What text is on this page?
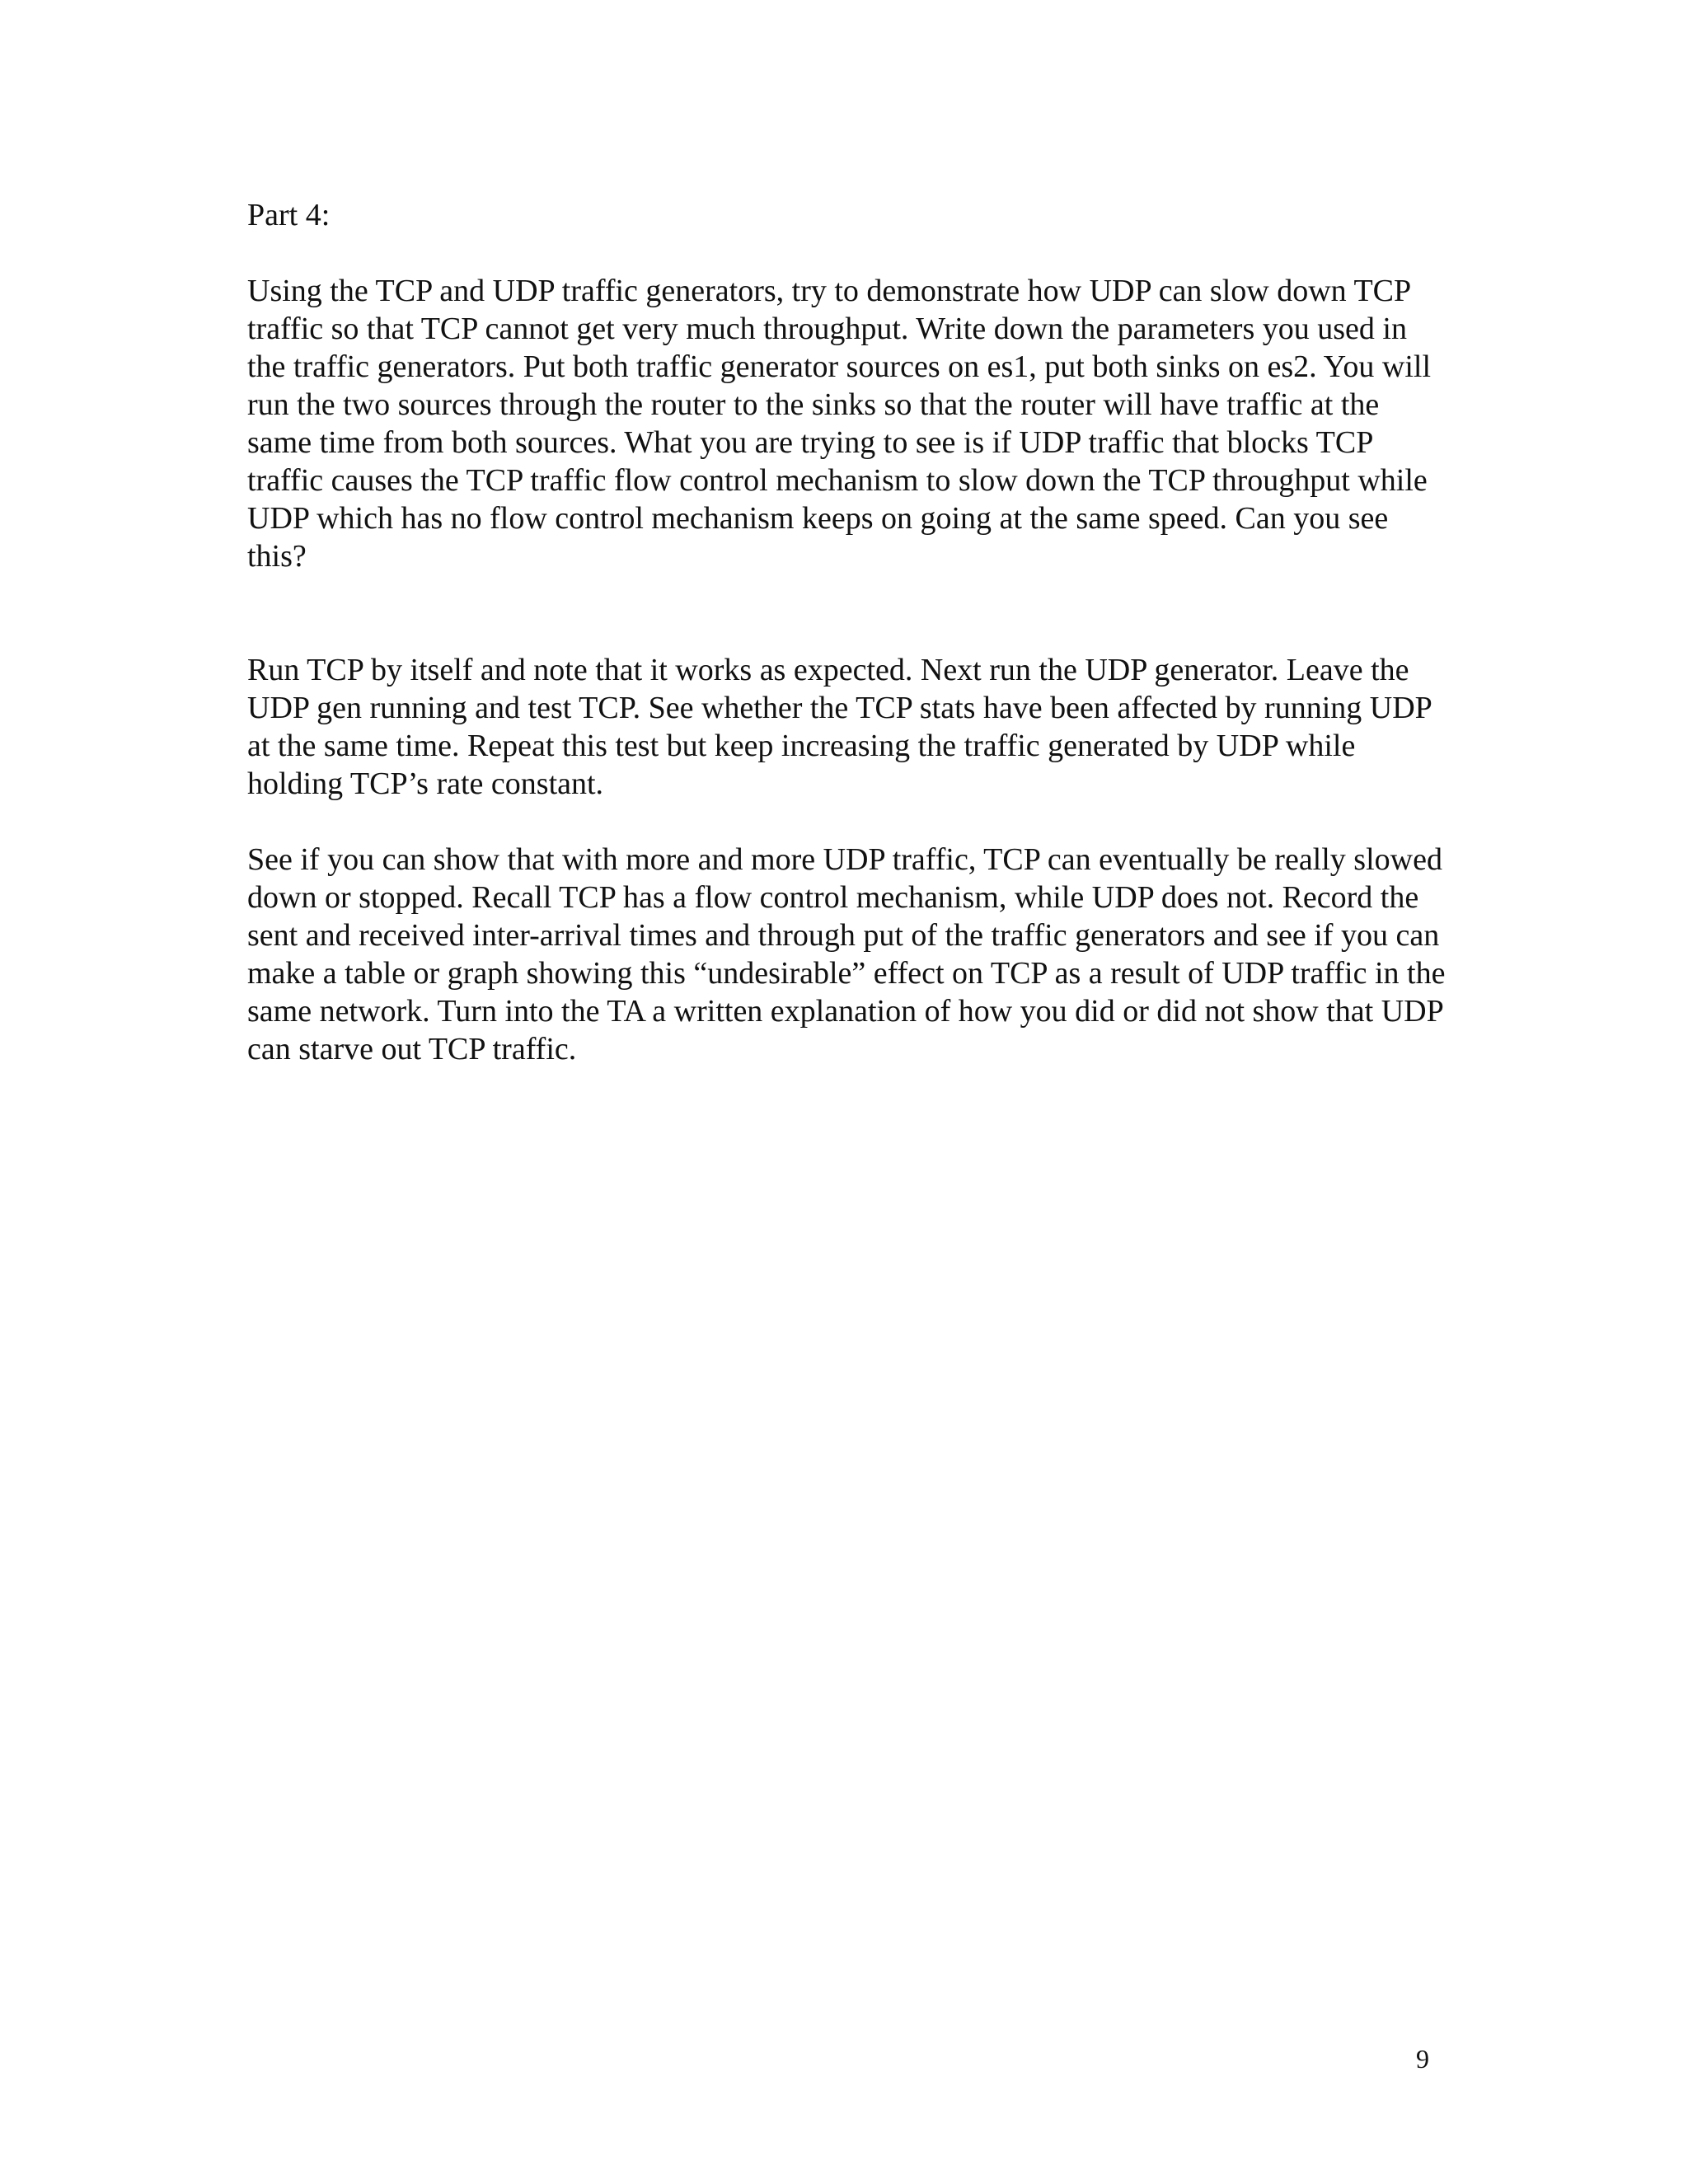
Part 4:

Using the TCP and UDP traffic generators, try to demonstrate how UDP can slow down TCP traffic so that TCP cannot get very much throughput. Write down the parameters you used in the traffic generators. Put both traffic generator sources on es1, put both sinks on es2. You will run the two sources through the router to the sinks so that the router will have traffic at the same time from both sources. What you are trying to see is if UDP traffic that blocks TCP traffic causes the TCP traffic flow control mechanism to slow down the TCP throughput while UDP which has no flow control mechanism keeps on going at the same speed. Can you see this?

Run TCP by itself and note that it works as expected. Next run the UDP generator. Leave the UDP gen running and test TCP. See whether the TCP stats have been affected by running UDP at the same time. Repeat this test but keep increasing the traffic generated by UDP while holding TCP’s rate constant.

See if you can show that with more and more UDP traffic, TCP can eventually be really slowed down or stopped. Recall TCP has a flow control mechanism, while UDP does not. Record the sent and received inter-arrival times and through put of the traffic generators and see if you can make a table or graph showing this “undesirable” effect on TCP as a result of UDP traffic in the same network. Turn into the TA a written explanation of how you did or did not show that UDP can starve out TCP traffic.

9
